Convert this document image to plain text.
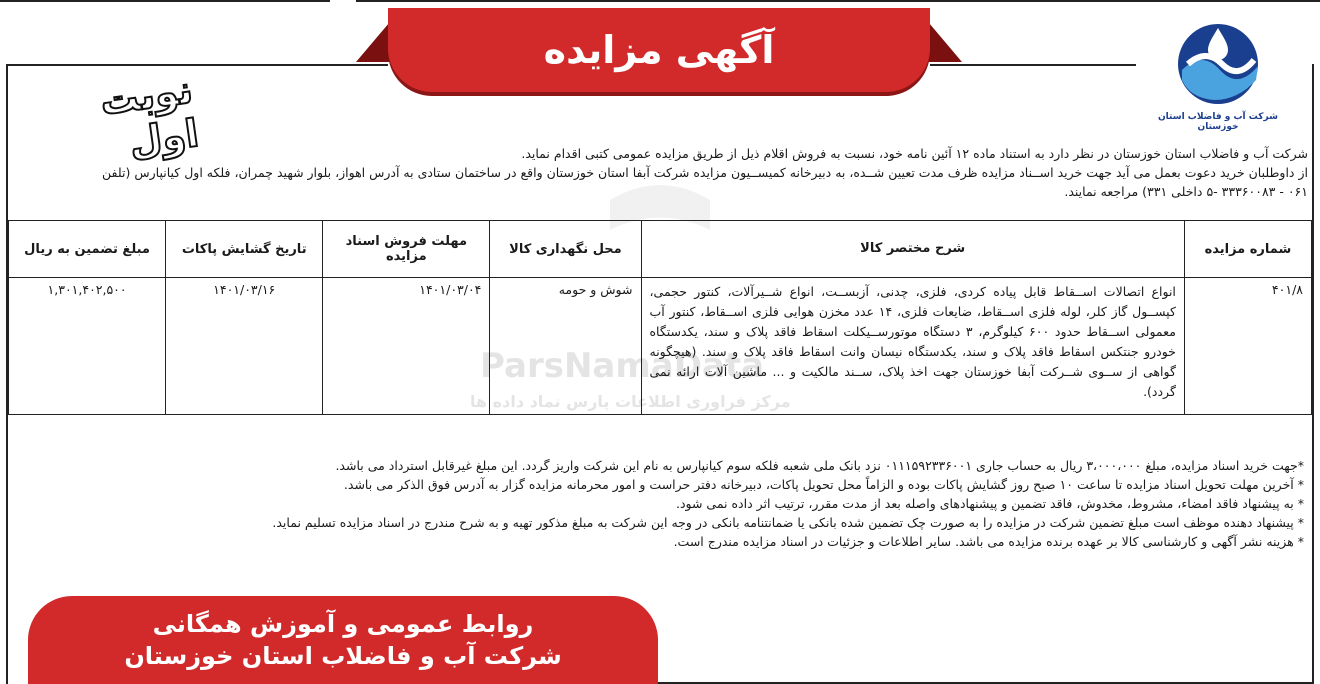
ParsNamaData
مرکز فراوری اطلاعات پارس نماد داده ها
آگهی مزایده
شرکت آب و فاضلاب استان خوزستان
نوبت اول	شرکت آب و فاضلاب استان خوزستان در نظر دارد به استناد ماده ۱۲ آئین نامه خود، نسبت به فروش اقلام ذیل از طریق مزایده عمومی کتبی اقدام نماید.

از داوطلبان خرید دعوت بعمل می آید جهت خرید اســناد مزایده ظرف مدت تعیین شــده، به دبیرخانه کمیســیون مزایده شرکت آبفا استان خوزستان واقع در ساختمان ستادی به آدرس اهواز، بلوار شهید چمران، فلکه اول کیانپارس (تلفن

۰۶۱ - ۳۳۳۶۰۰۸۳ -۵ داخلی ۳۳۱) مراجعه نمایند.

شماره مزایده	شرح مختصر کالا	محل نگهداری کالا	مهلت فروش اسناد مزایده	تاریخ گشایش پاکات	مبلغ تضمین به ریال
۴۰۱/۸	انواع اتصالات اســقاط قابل پیاده کردی، فلزی، چدنی، آزبســت، انواع شــیرآلات، کنتور حجمی، کپســول گاز کلر، لوله فلزی اســقاط، ضایعات فلزی، ۱۴ عدد مخزن هوایی فلزی اســقاط، کنتور آب معمولی اســقاط حدود ۶۰۰ کیلوگرم، ۳ دستگاه موتورســیکلت اسقاط فاقد پلاک و سند، یکدستگاه خودرو جنتکس اسقاط فاقد پلاک و سند، یکدستگاه نیسان وانت اسقاط فاقد پلاک و سند. (هیچگونه گواهی از ســوی شــرکت آبفا خوزستان جهت اخذ پلاک، ســند مالکیت و ... ماشین آلات ارائه نمی گردد).	شوش و حومه	۱۴۰۱/۰۳/۰۴	۱۴۰۱/۰۳/۱۶	۱,۳۰۱,۴۰۲,۵۰۰

*جهت خرید اسناد مزایده، مبلغ ۳،۰۰۰،۰۰۰ ریال به حساب جاری ۰۱۱۱۵۹۲۳۳۶۰۰۱ نزد بانک ملی شعبه فلکه سوم کیانپارس به نام این شرکت واریز گردد. این مبلغ غیرقابل استرداد می باشد.

* آخرین مهلت تحویل اسناد مزایده تا ساعت ۱۰ صبح روز گشایش پاکات بوده و الزاماً محل تحویل پاکات، دبیرخانه دفتر حراست و امور محرمانه مزایده گزار به آدرس فوق الذکر می باشد.

* به پیشنهاد فاقد امضاء، مشروط، مخدوش، فاقد تضمین و پیشنهادهای واصله بعد از مدت مقرر، ترتیب اثر داده نمی شود.

* پیشنهاد دهنده موظف است مبلغ تضمین شرکت در مزایده را به صورت چک تضمین شده بانکی یا ضمانتنامه بانکی در وجه این شرکت به مبلغ مذکور تهیه و به شرح مندرج در اسناد مزایده تسلیم نماید.

* هزینه نشر آگهی و کارشناسی کالا بر عهده برنده مزایده می باشد. سایر اطلاعات و جزئیات در اسناد مزایده مندرج است.

روابط عمومی و آموزش همگانی
شرکت آب و فاضلاب استان خوزستان
